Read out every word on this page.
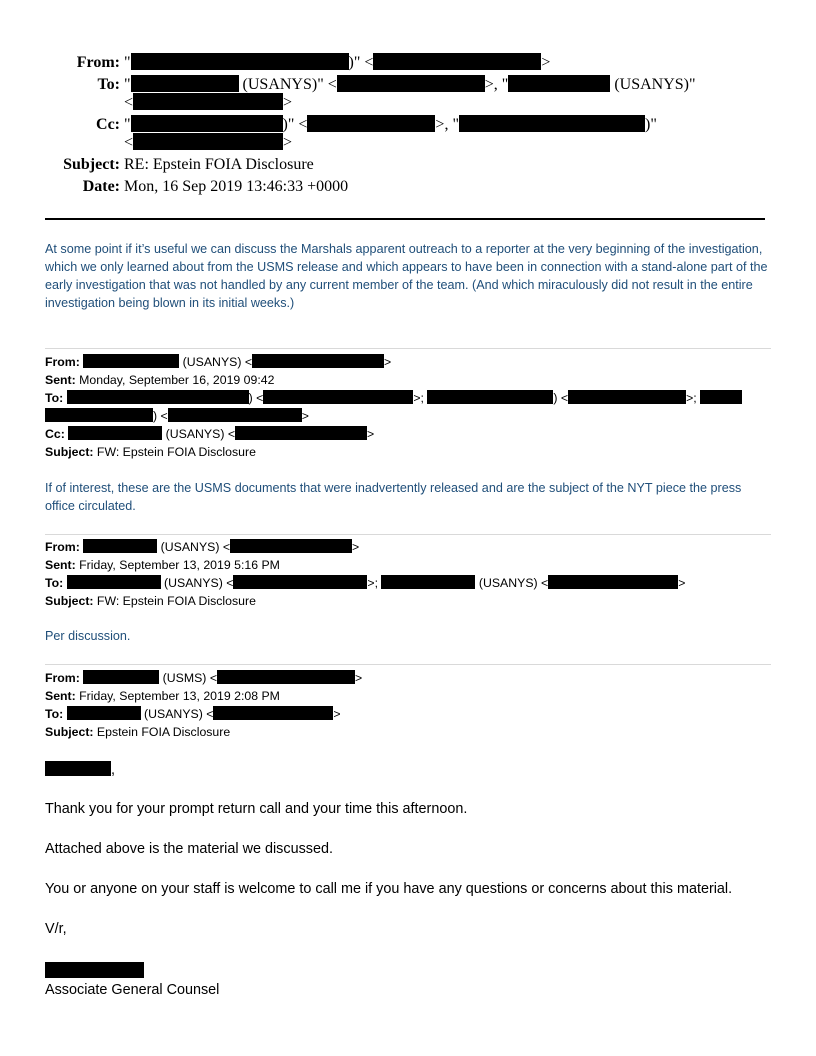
From: "	)" <	>
To: "	(USANYS)" <	>, "	(USANYS)"
<	>
Cc: "	)" <	>, "	)"
<	>
Subject: RE: Epstein FOIA Disclosure
Date: Mon, 16 Sep 2019 13:46:33 +0000
At some point if it’s useful we can discuss the Marshals apparent outreach to a reporter at the very beginning of the investigation, which we only learned about from the USMS release and which appears to have been in connection with a stand-alone part of the early investigation that was not handled by any current member of the team. (And which miraculously did not result in the entire investigation being blown in its initial weeks.)
From:	(USANYS) <	>
Sent: Monday, September 16, 2019 09:42
To:	) <	>;	) <	>;
) <	>
Cc:	(USANYS) <	>
Subject: FW: Epstein FOIA Disclosure
If of interest, these are the USMS documents that were inadvertently released and are the subject of the NYT piece the press office circulated.
From:	(USANYS) <	>
Sent: Friday, September 13, 2019 5:16 PM
To:	(USANYS) <	>;	(USANYS) <	>
Subject: FW: Epstein FOIA Disclosure
Per discussion.
From:	(USMS) <	>
Sent: Friday, September 13, 2019 2:08 PM
To:	(USANYS) <	>
Subject: Epstein FOIA Disclosure
,
Thank you for your prompt return call and your time this afternoon.
Attached above is the material we discussed.
You or anyone on your staff is welcome to call me if you have any questions or concerns about this material.
V/r,
Associate General Counsel
